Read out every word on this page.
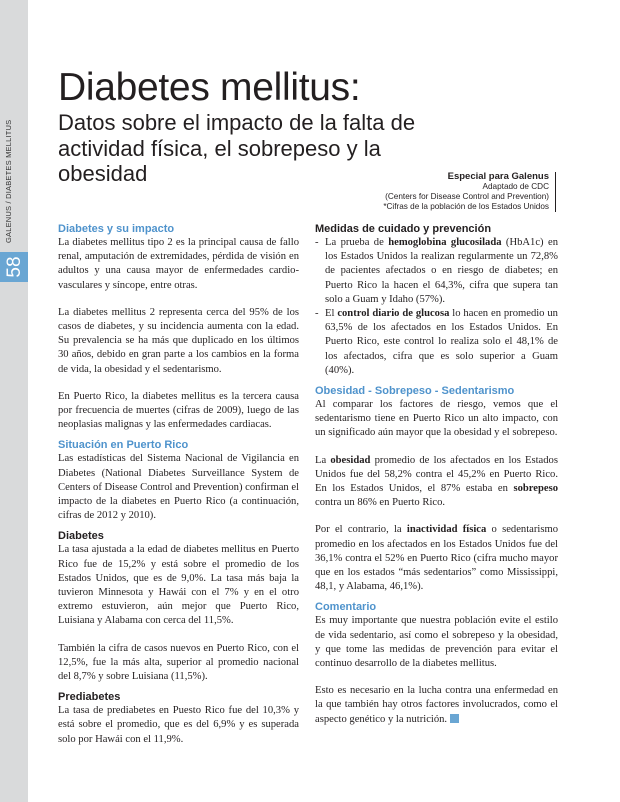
GALENUS / DIABETES MELLITUS
58
Diabetes mellitus:
Datos sobre el impacto de la falta de actividad física, el sobrepeso y la obesidad	Especial para Galenus
Adaptado de CDC
(Centers for Disease Control and Prevention)
*Cifras de la población de los Estados Unidos
Diabetes y su impacto

La diabetes mellitus tipo 2 es la principal causa de fallo renal, amputación de extremidades, pérdida de visión en adultos y una causa mayor de enfermedades cardio-vasculares y síncope, entre otras.

La diabetes mellitus 2 representa cerca del 95% de los casos de diabetes, y su incidencia aumenta con la edad. Su prevalencia se ha más que duplicado en los últimos 30 años, debido en gran parte a los cambios en la forma de vida, la obesidad y el sedentarismo.

En Puerto Rico, la diabetes mellitus es la tercera causa por frecuencia de muertes (cifras de 2009), luego de las neoplasias malignas y las enfermedades cardiacas.

Situación en Puerto Rico

Las estadísticas del Sistema Nacional de Vigilancia en Diabetes (National Diabetes Surveillance System de Centers of Disease Control and Prevention) confirman el impacto de la diabetes en Puerto Rico (a continuación, cifras de 2012 y 2010).

Diabetes

La tasa ajustada a la edad de diabetes mellitus en Puerto Rico fue de 15,2% y está sobre el promedio de los Estados Unidos, que es de 9,0%. La tasa más baja la tuvieron Minnesota y Hawái con el 7% y en el otro extremo estuvieron, aún mejor que Puerto Rico, Luisiana y Alabama con cerca del 11,5%.

También la cifra de casos nuevos en Puerto Rico, con el 12,5%, fue la más alta, superior al promedio nacional del 8,7% y sobre Luisiana (11,5%).

Prediabetes

La tasa de prediabetes en Puesto Rico fue del 10,3% y está sobre el promedio, que es del 6,9% y es superada solo por Hawái con el 11,9%.

Medidas de cuidado y prevención
- La prueba de hemoglobina glucosilada (HbA1c) en los Estados Unidos la realizan regularmente un 72,8% de pacientes afectados o en riesgo de diabetes; en Puerto Rico la hacen el 64,3%, cifra que supera tan solo a Guam y Idaho (57%).
- El control diario de glucosa lo hacen en promedio un 63,5% de los afectados en los Estados Unidos. En Puerto Rico, este control lo realiza solo el 48,1% de los afectados, cifra que es solo superior a Guam (40%).
Obesidad - Sobrepeso - Sedentarismo

Al comparar los factores de riesgo, vemos que el sedentarismo tiene en Puerto Rico un alto impacto, con un significado aún mayor que la obesidad y el sobrepeso.

La obesidad promedio de los afectados en los Estados Unidos fue del 58,2% contra el 45,2% en Puerto Rico. En los Estados Unidos, el 87% estaba en sobrepeso contra un 86% en Puerto Rico.

Por el contrario, la inactividad física o sedentarismo promedio en los afectados en los Estados Unidos fue del 36,1% contra el 52% en Puerto Rico (cifra mucho mayor que en los estados “más sedentarios” como Mississippi, 48,1, y Alabama, 46,1%).

Comentario

Es muy importante que nuestra población evite el estilo de vida sedentario, así como el sobrepeso y la obesidad, y que tome las medidas de prevención para evitar el continuo desarrollo de la diabetes mellitus.

Esto es necesario en la lucha contra una enfermedad en la que también hay otros factores involucrados, como el aspecto genético y la nutrición.
